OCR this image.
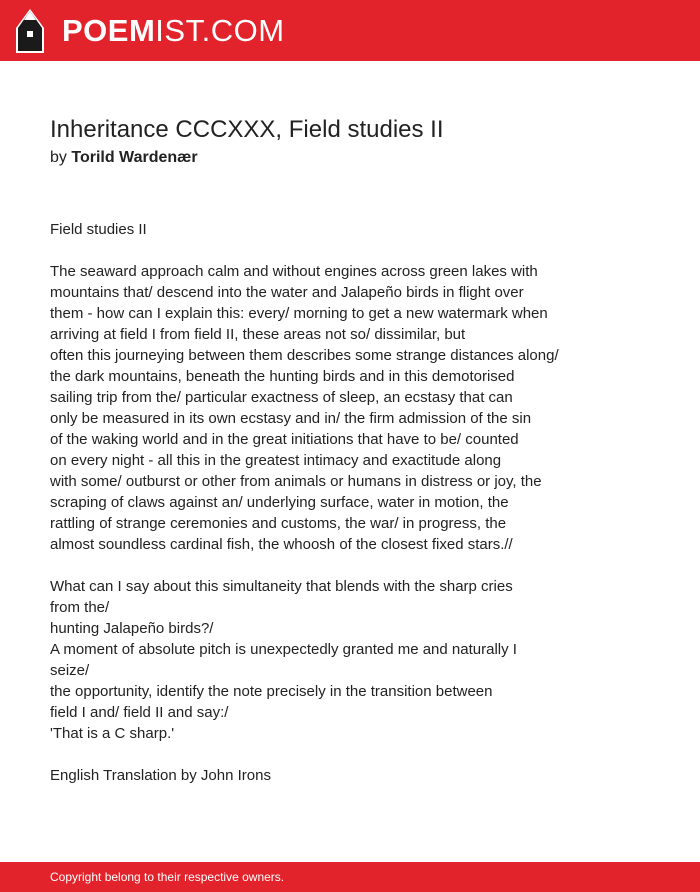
POEMIST.COM
Inheritance CCCXXX, Field studies II
by Torild Wardenær
Field studies II
The seaward approach calm and without engines across green lakes with
mountains that/ descend into the water and Jalapeño birds in flight over
them - how can I explain this: every/ morning to get a new watermark when
arriving at field I from field II, these areas not so/ dissimilar, but
often this journeying between them describes some strange distances along/
the dark mountains, beneath the hunting birds and in this demotorised
sailing trip from the/ particular exactness of sleep, an ecstasy that can
only be measured in its own ecstasy and in/ the firm admission of the sin
of the waking world and in the great initiations that have to be/ counted
on every night - all this in the greatest intimacy and exactitude along
with some/ outburst or other from animals or humans in distress or joy, the
scraping of claws against an/ underlying surface, water in motion, the
rattling of strange ceremonies and customs, the war/ in progress, the
almost soundless cardinal fish, the whoosh of the closest fixed stars.//
What can I say about this simultaneity that blends with the sharp cries
from the/
hunting Jalapeño birds?/
A moment of absolute pitch is unexpectedly granted me and naturally I
seize/
the opportunity, identify the note precisely in the transition between
field I and/ field II and say:/
'That is a C sharp.'
English Translation by John Irons
Copyright belong to their respective owners.
